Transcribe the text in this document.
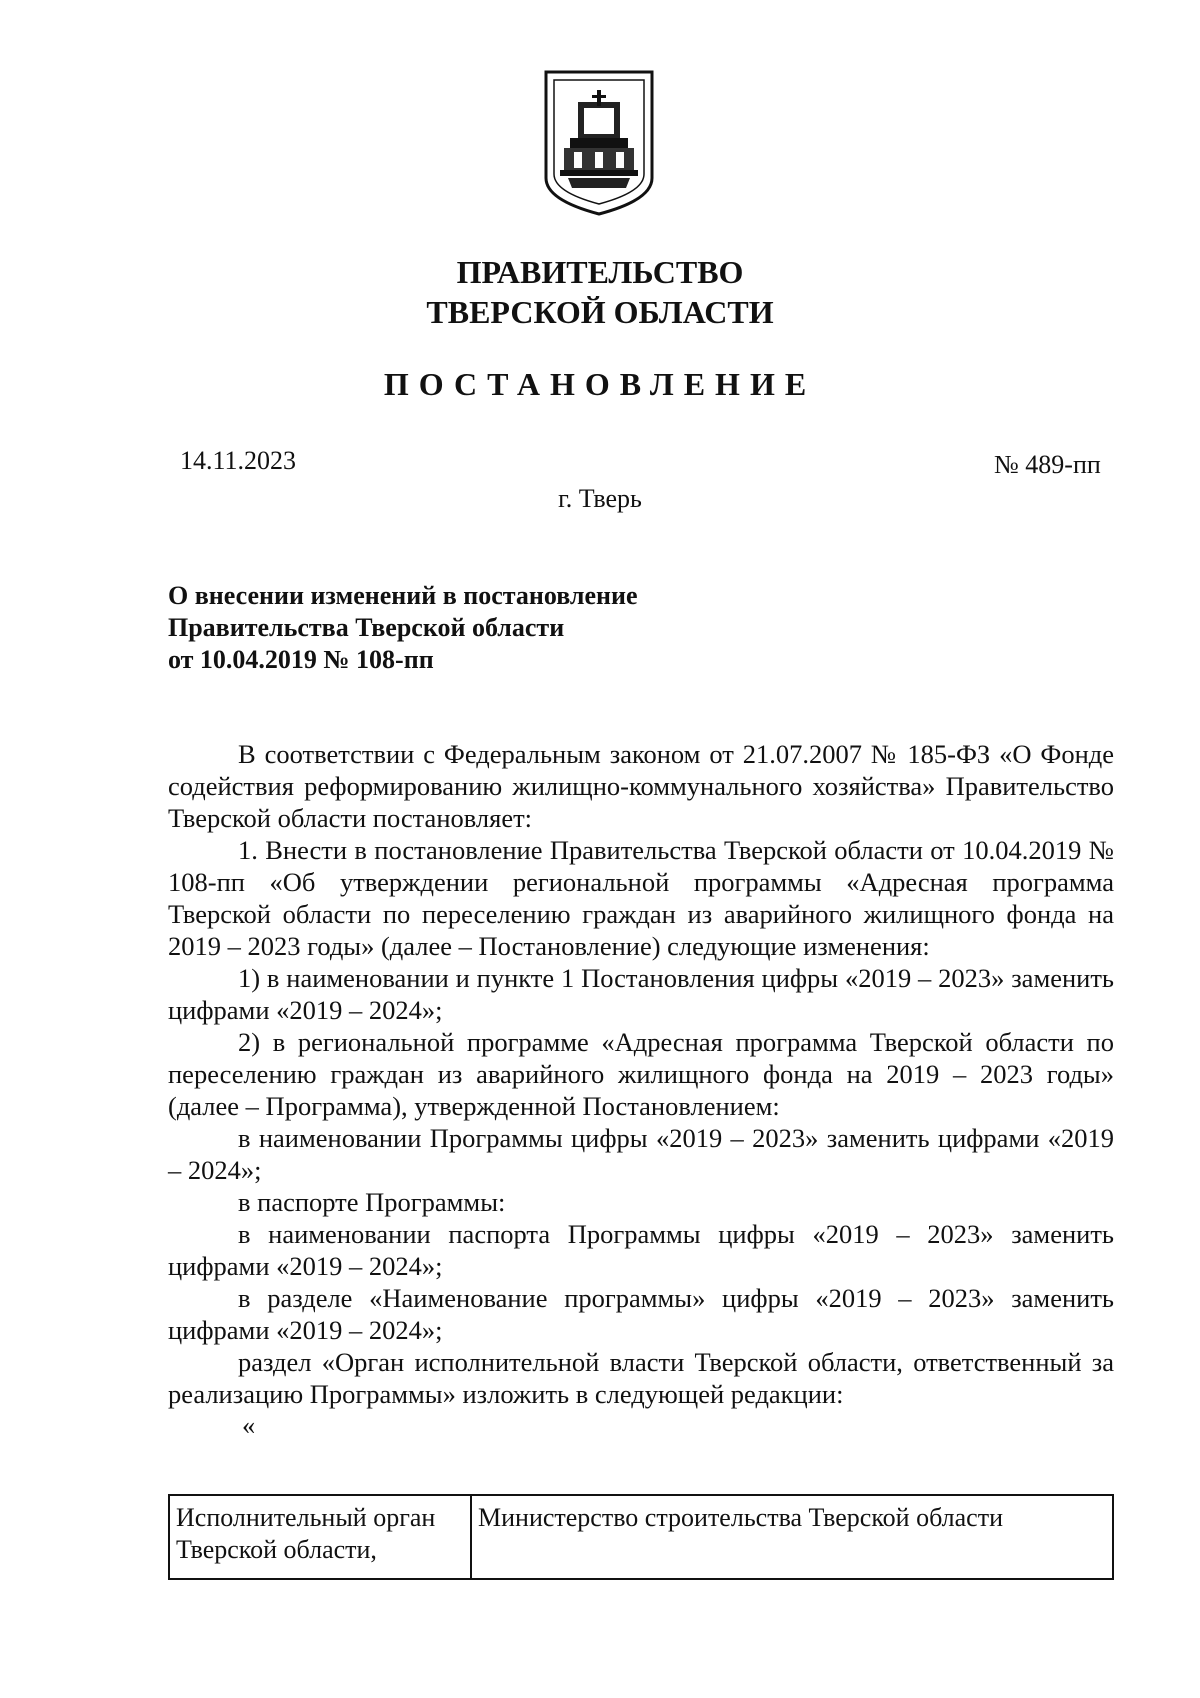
ПРАВИТЕЛЬСТВО
ТВЕРСКОЙ ОБЛАСТИ
ПОСТАНОВЛЕНИЕ
14.11.2023	№ 489-пп
г. Тверь
О внесении изменений в постановление
Правительства Тверской области
от 10.04.2019 № 108-пп

В соответствии с Федеральным законом от 21.07.2007 № 185-ФЗ «О Фонде содействия реформированию жилищно-коммунального хозяйства» Правительство Тверской области постановляет:

1. Внести в постановление Правительства Тверской области от 10.04.2019 № 108-пп «Об утверждении региональной программы «Адресная программа Тверской области по переселению граждан из аварийного жилищного фонда на 2019 – 2023 годы» (далее – Постановление) следующие изменения:

1) в наименовании и пункте 1 Постановления цифры «2019 – 2023» заменить цифрами «2019 – 2024»;

2) в региональной программе «Адресная программа Тверской области по переселению граждан из аварийного жилищного фонда на 2019 – 2023 годы» (далее – Программа), утвержденной Постановлением:

в наименовании Программы цифры «2019 – 2023» заменить цифрами «2019 – 2024»;

в паспорте Программы:

в наименовании паспорта Программы цифры «2019 – 2023» заменить цифрами «2019 – 2024»;

в разделе «Наименование программы» цифры «2019 – 2023» заменить цифрами «2019 – 2024»;

раздел «Орган исполнительной власти Тверской области, ответственный за реализацию Программы» изложить в следующей редакции:

«
Исполнительный орган Тверской области,	Министерство строительства Тверской области
